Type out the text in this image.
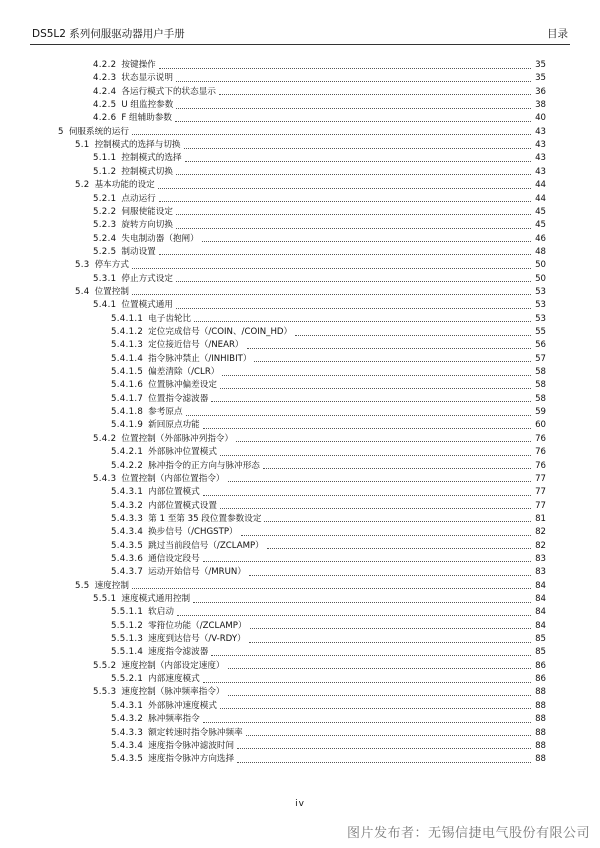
DS5L2 系列伺服驱动器用户手册	目录
4.2.2 按键操作	35
4.2.3 状态显示说明	35
4.2.4 各运行模式下的状态显示	36
4.2.5 U 组监控参数	38
4.2.6 F 组辅助参数	40
5 伺服系统的运行	43
5.1 控制模式的选择与切换	43
5.1.1 控制模式的选择	43
5.1.2 控制模式切换	43
5.2 基本功能的设定	44
5.2.1 点动运行	44
5.2.2 伺服使能设定	45
5.2.3 旋转方向切换	45
5.2.4 失电制动器（抱闸）	46
5.2.5 制动设置	48
5.3 停车方式	50
5.3.1 停止方式设定	50
5.4 位置控制	53
5.4.1 位置模式通用	53
5.4.1.1 电子齿轮比	53
5.4.1.2 定位完成信号（/COIN、/COIN_HD）	55
5.4.1.3 定位接近信号（/NEAR）	56
5.4.1.4 指令脉冲禁止（/INHIBIT）	57
5.4.1.5 偏差清除（/CLR）	58
5.4.1.6 位置脉冲偏差设定	58
5.4.1.7 位置指令滤波器	58
5.4.1.8 参考原点	59
5.4.1.9 新回原点功能	60
5.4.2 位置控制（外部脉冲列指令）	76
5.4.2.1 外部脉冲位置模式	76
5.4.2.2 脉冲指令的正方向与脉冲形态	76
5.4.3 位置控制（内部位置指令）	77
5.4.3.1 内部位置模式	77
5.4.3.2 内部位置模式设置	77
5.4.3.3 第 1 至第 35 段位置参数设定	81
5.4.3.4 换步信号（/CHGSTP）	82
5.4.3.5 跳过当前段信号（/ZCLAMP）	82
5.4.3.6 通信设定段号	83
5.4.3.7 运动开始信号（/MRUN）	83
5.5 速度控制	84
5.5.1 速度模式通用控制	84
5.5.1.1 软启动	84
5.5.1.2 零箝位功能（/ZCLAMP）	84
5.5.1.3 速度到达信号（/V-RDY）	85
5.5.1.4 速度指令滤波器	85
5.5.2 速度控制（内部设定速度）	86
5.5.2.1 内部速度模式	86
5.5.3 速度控制（脉冲频率指令）	88
5.4.3.1 外部脉冲速度模式	88
5.4.3.2 脉冲频率指令	88
5.4.3.3 额定转速时指令脉冲频率	88
5.4.3.4 速度指令脉冲滤波时间	88
5.4.3.5 速度指令脉冲方向选择	88
iv
图片发布者：无锡信捷电气股份有限公司
